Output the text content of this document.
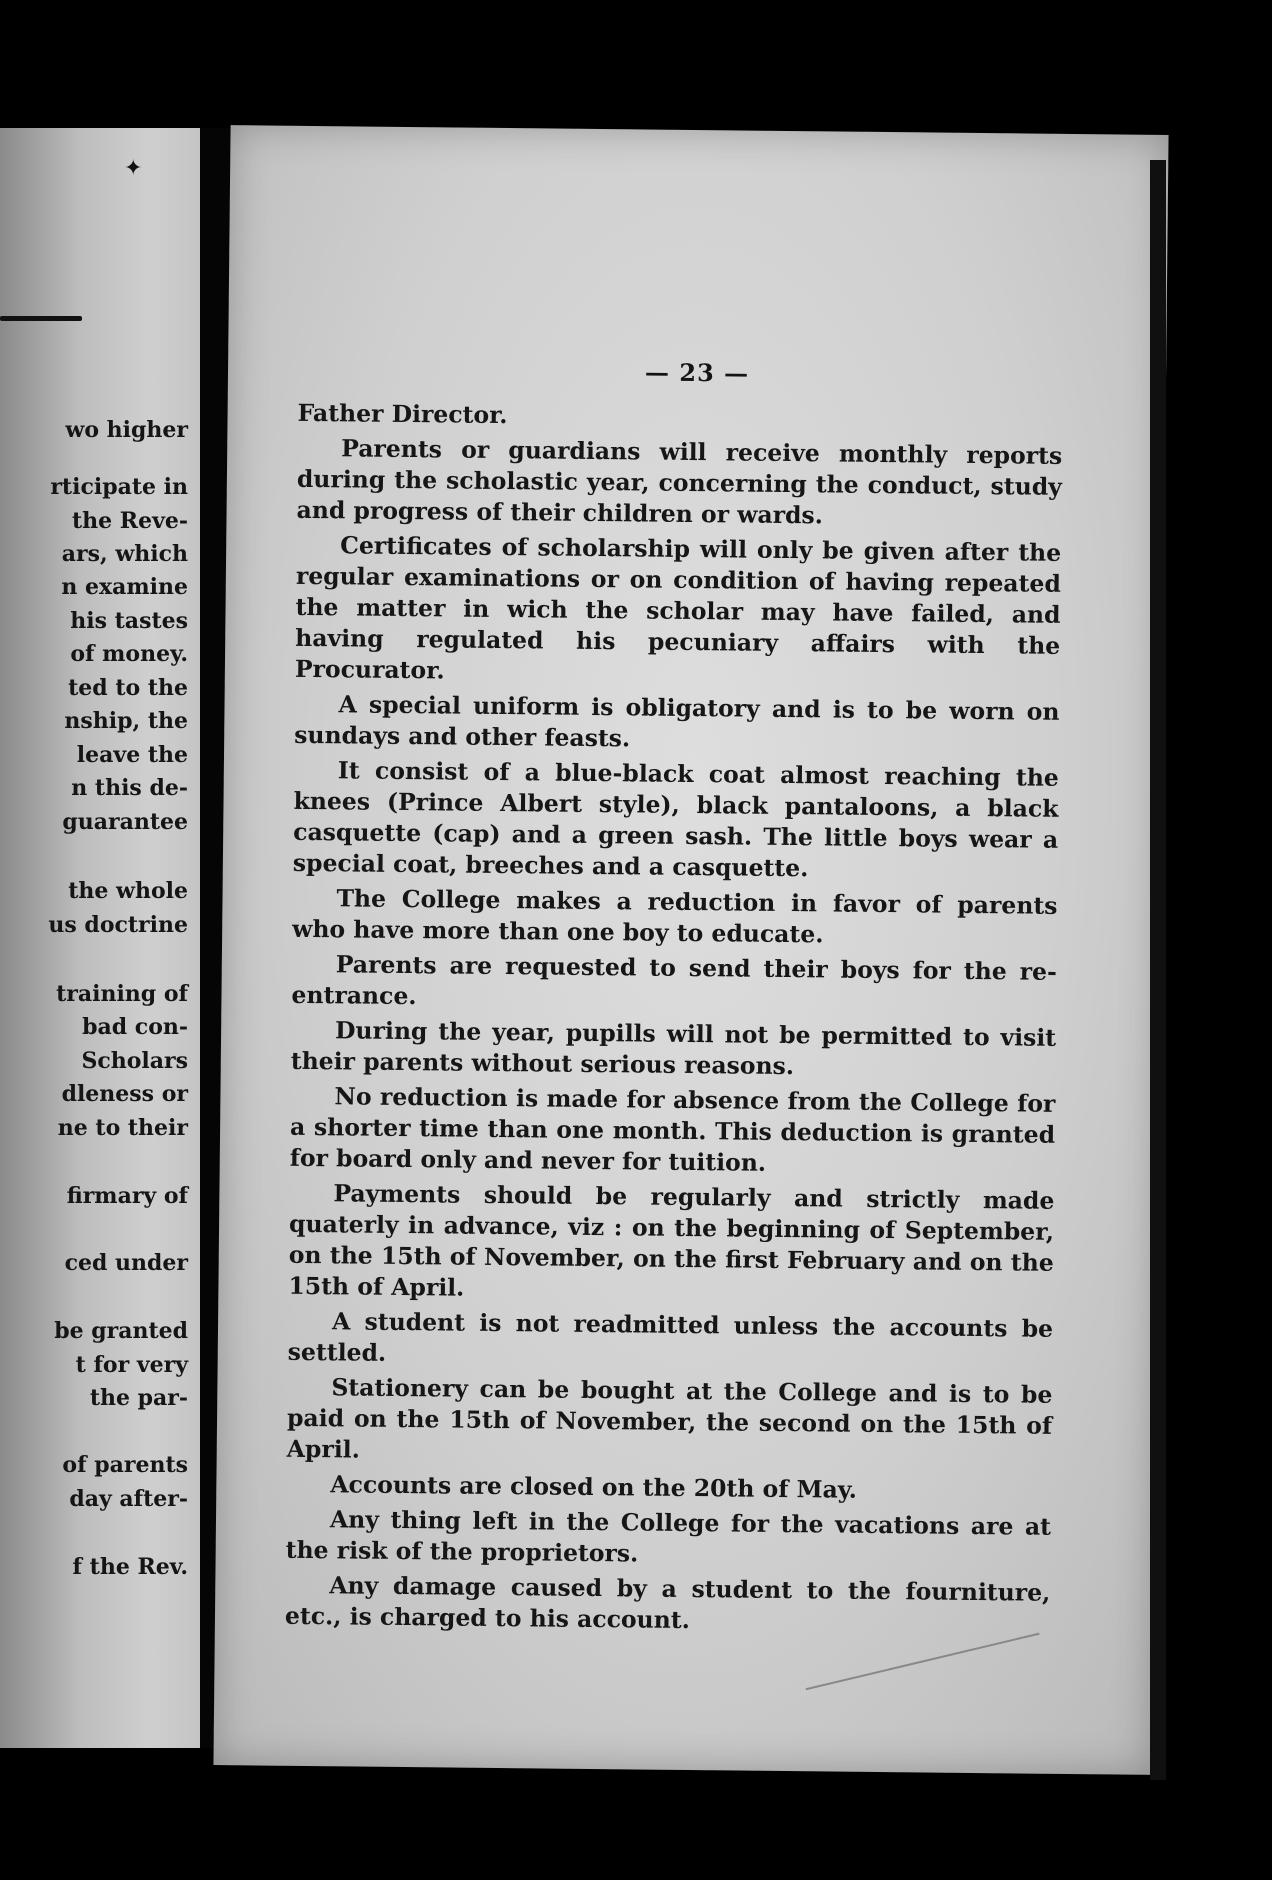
✦
wo higher
rticipate in
the Reve-
ars, which
n examine
his tastes
of money.
ted to the
nship, the
leave the
n this de-
guarantee
the whole
us doctrine
training of
bad con-
Scholars
dleness or
ne to their
firmary of
ced under
be granted
t for very
the par-
of parents
day after-
f the Rev.
— 23 —

Father Director.

Parents or guardians will receive monthly reports during the scholastic year, concerning the conduct, study and progress of their children or wards.

Certificates of scholarship will only be given after the regular examinations or on condition of having repeated the matter in wich the scholar may have failed, and having regulated his pecuniary affairs with the Procurator.

A special uniform is obligatory and is to be worn on sundays and other feasts.

It consist of a blue-black coat almost reaching the knees (Prince Albert style), black pantaloons, a black casquette (cap) and a green sash. The little boys wear a special coat, breeches and a casquette.

The College makes a reduction in favor of parents who have more than one boy to educate.

Parents are requested to send their boys for the re-entrance.

During the year, pupills will not be permitted to visit their parents without serious reasons.

No reduction is made for absence from the College for a shorter time than one month. This deduction is granted for board only and never for tuition.

Payments should be regularly and strictly made quaterly in advance, viz : on the beginning of September, on the 15th of November, on the first February and on the 15th of April.

A student is not readmitted unless the accounts be settled.

Stationery can be bought at the College and is to be paid on the 15th of November, the second on the 15th of April.

Accounts are closed on the 20th of May.

Any thing left in the College for the vacations are at the risk of the proprietors.

Any damage caused by a student to the fourniture, etc., is charged to his account.
